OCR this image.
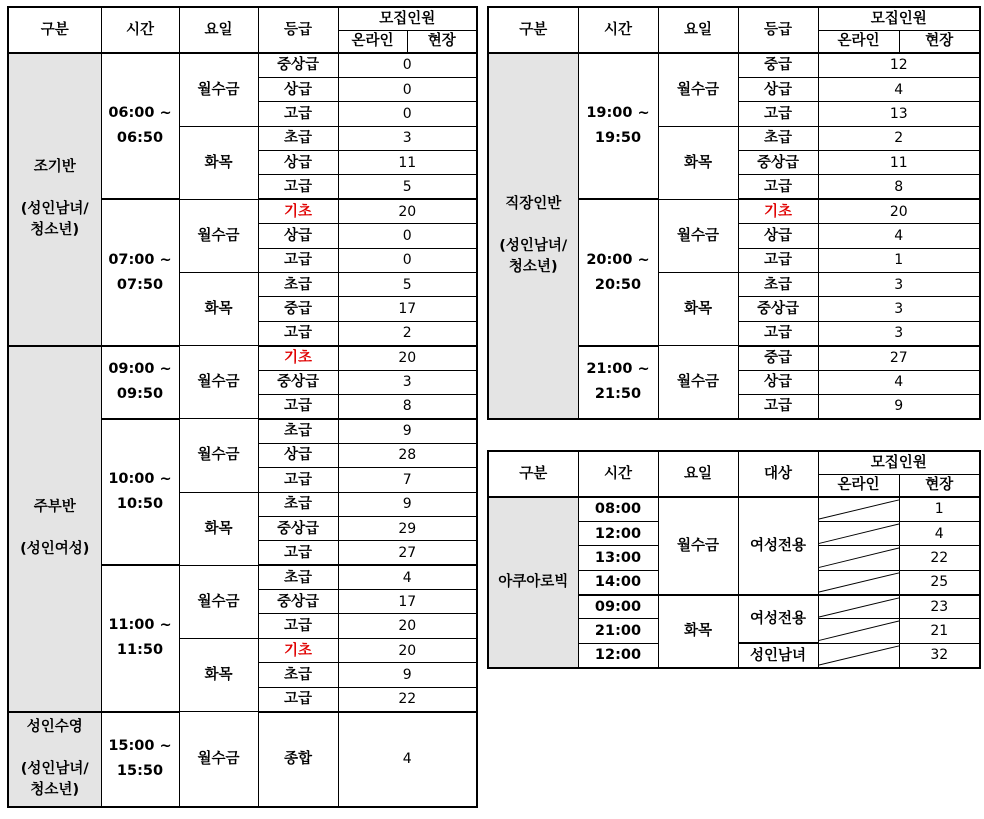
구분	시간	요일	등급	모집인원	
				온라인	현장
조기반

(성인남녀/
청소년)	06:00 ~
06:50	월수금	중상급	0	
			상급	0	
			고급	0	
		화목	초급	3	
			상급	11	
			고급	5	
	07:00 ~
07:50	월수금	기초	20	
			상급	0	
			고급	0	
		화목	초급	5	
			중급	17	
			고급	2	
주부반

(성인여성)	09:00 ~
09:50	월수금	기초	20	
			중상급	3	
			고급	8	
	10:00 ~
10:50	월수금	초급	9	
			상급	28	
			고급	7	
		화목	초급	9	
			중상급	29	
			고급	27	
	11:00 ~
11:50	월수금	초급	4	
			중상급	17	
			고급	20	
		화목	기초	20	
			초급	9	
			고급	22	
성인수영

(성인남녀/
청소년)	15:00 ~
15:50	월수금	종합	4	
구분	시간	요일	등급	모집인원	
				온라인	현장
직장인반

(성인남녀/
청소년)	19:00 ~
19:50	월수금	중급	12	
			상급	4	
			고급	13	
		화목	초급	2	
			중상급	11	
			고급	8	
	20:00 ~
20:50	월수금	기초	20	
			상급	4	
			고급	1	
		화목	초급	3	
			중상급	3	
			고급	3	
	21:00 ~
21:50	월수금	중급	27	
			상급	4	
			고급	9	
구분	시간	요일	대상	모집인원	
				온라인	현장
아쿠아로빅	08:00	월수금	여성전용		1
	12:00				4
	13:00				22
	14:00				25
	09:00	화목	여성전용		23
	21:00				21
	12:00		성인남녀		32
